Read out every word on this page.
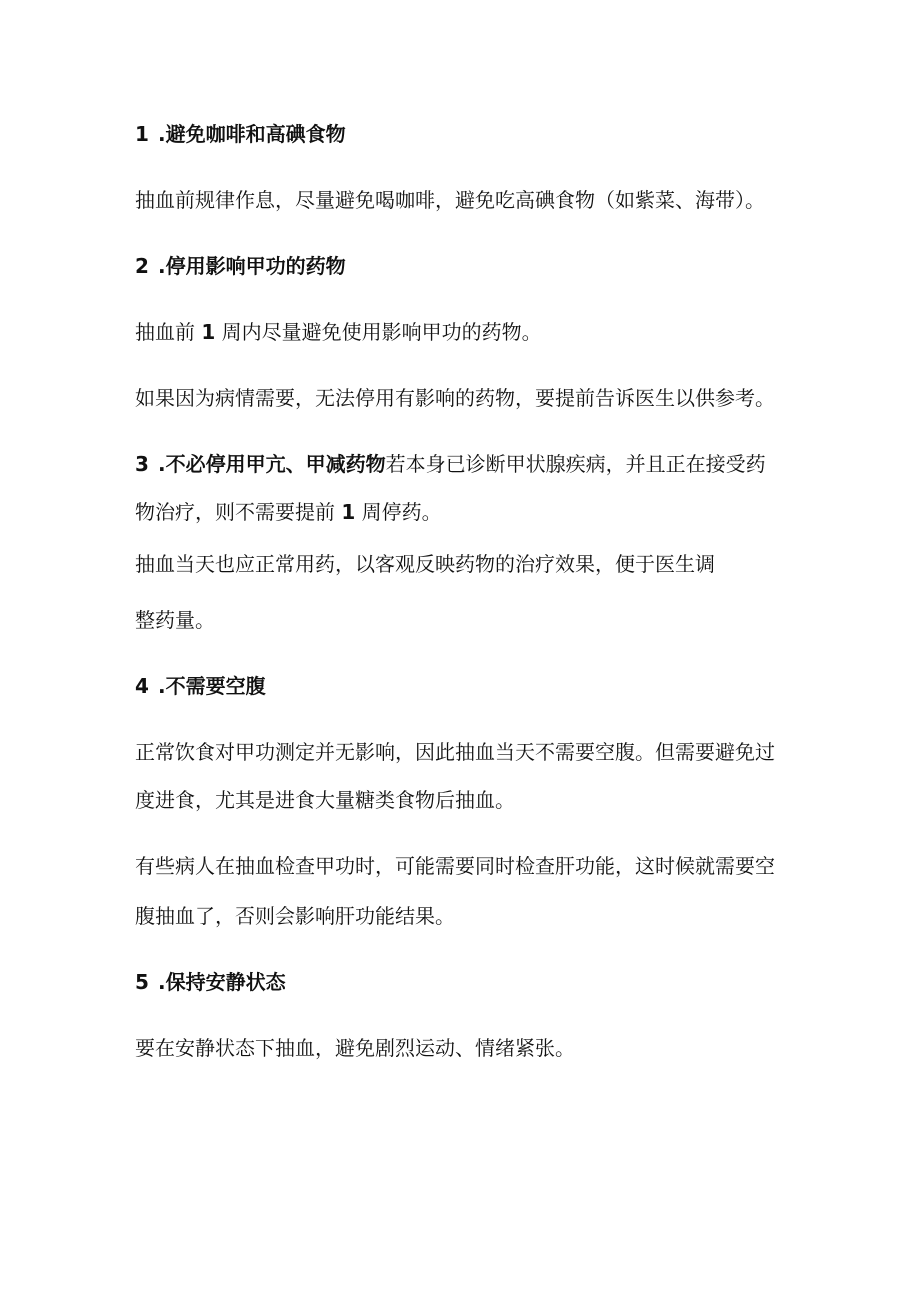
1 .避免咖啡和高碘食物
抽血前规律作息，尽量避免喝咖啡，避免吃高碘食物（如紫菜、海带）。
2 .停用影响甲功的药物
抽血前 1 周内尽量避免使用影响甲功的药物。
如果因为病情需要，无法停用有影响的药物，要提前告诉医生以供参考。
3 .不必停用甲亢、甲减药物若本身已诊断甲状腺疾病，并且正在接受药
物治疗，则不需要提前 1 周停药。
抽血当天也应正常用药，以客观反映药物的治疗效果，便于医生调
整药量。
4 .不需要空腹
正常饮食对甲功测定并无影响，因此抽血当天不需要空腹。但需要避免过
度进食，尤其是进食大量糖类食物后抽血。
有些病人在抽血检查甲功时，可能需要同时检查肝功能，这时候就需要空
腹抽血了，否则会影响肝功能结果。
5 .保持安静状态
要在安静状态下抽血，避免剧烈运动、情绪紧张。
